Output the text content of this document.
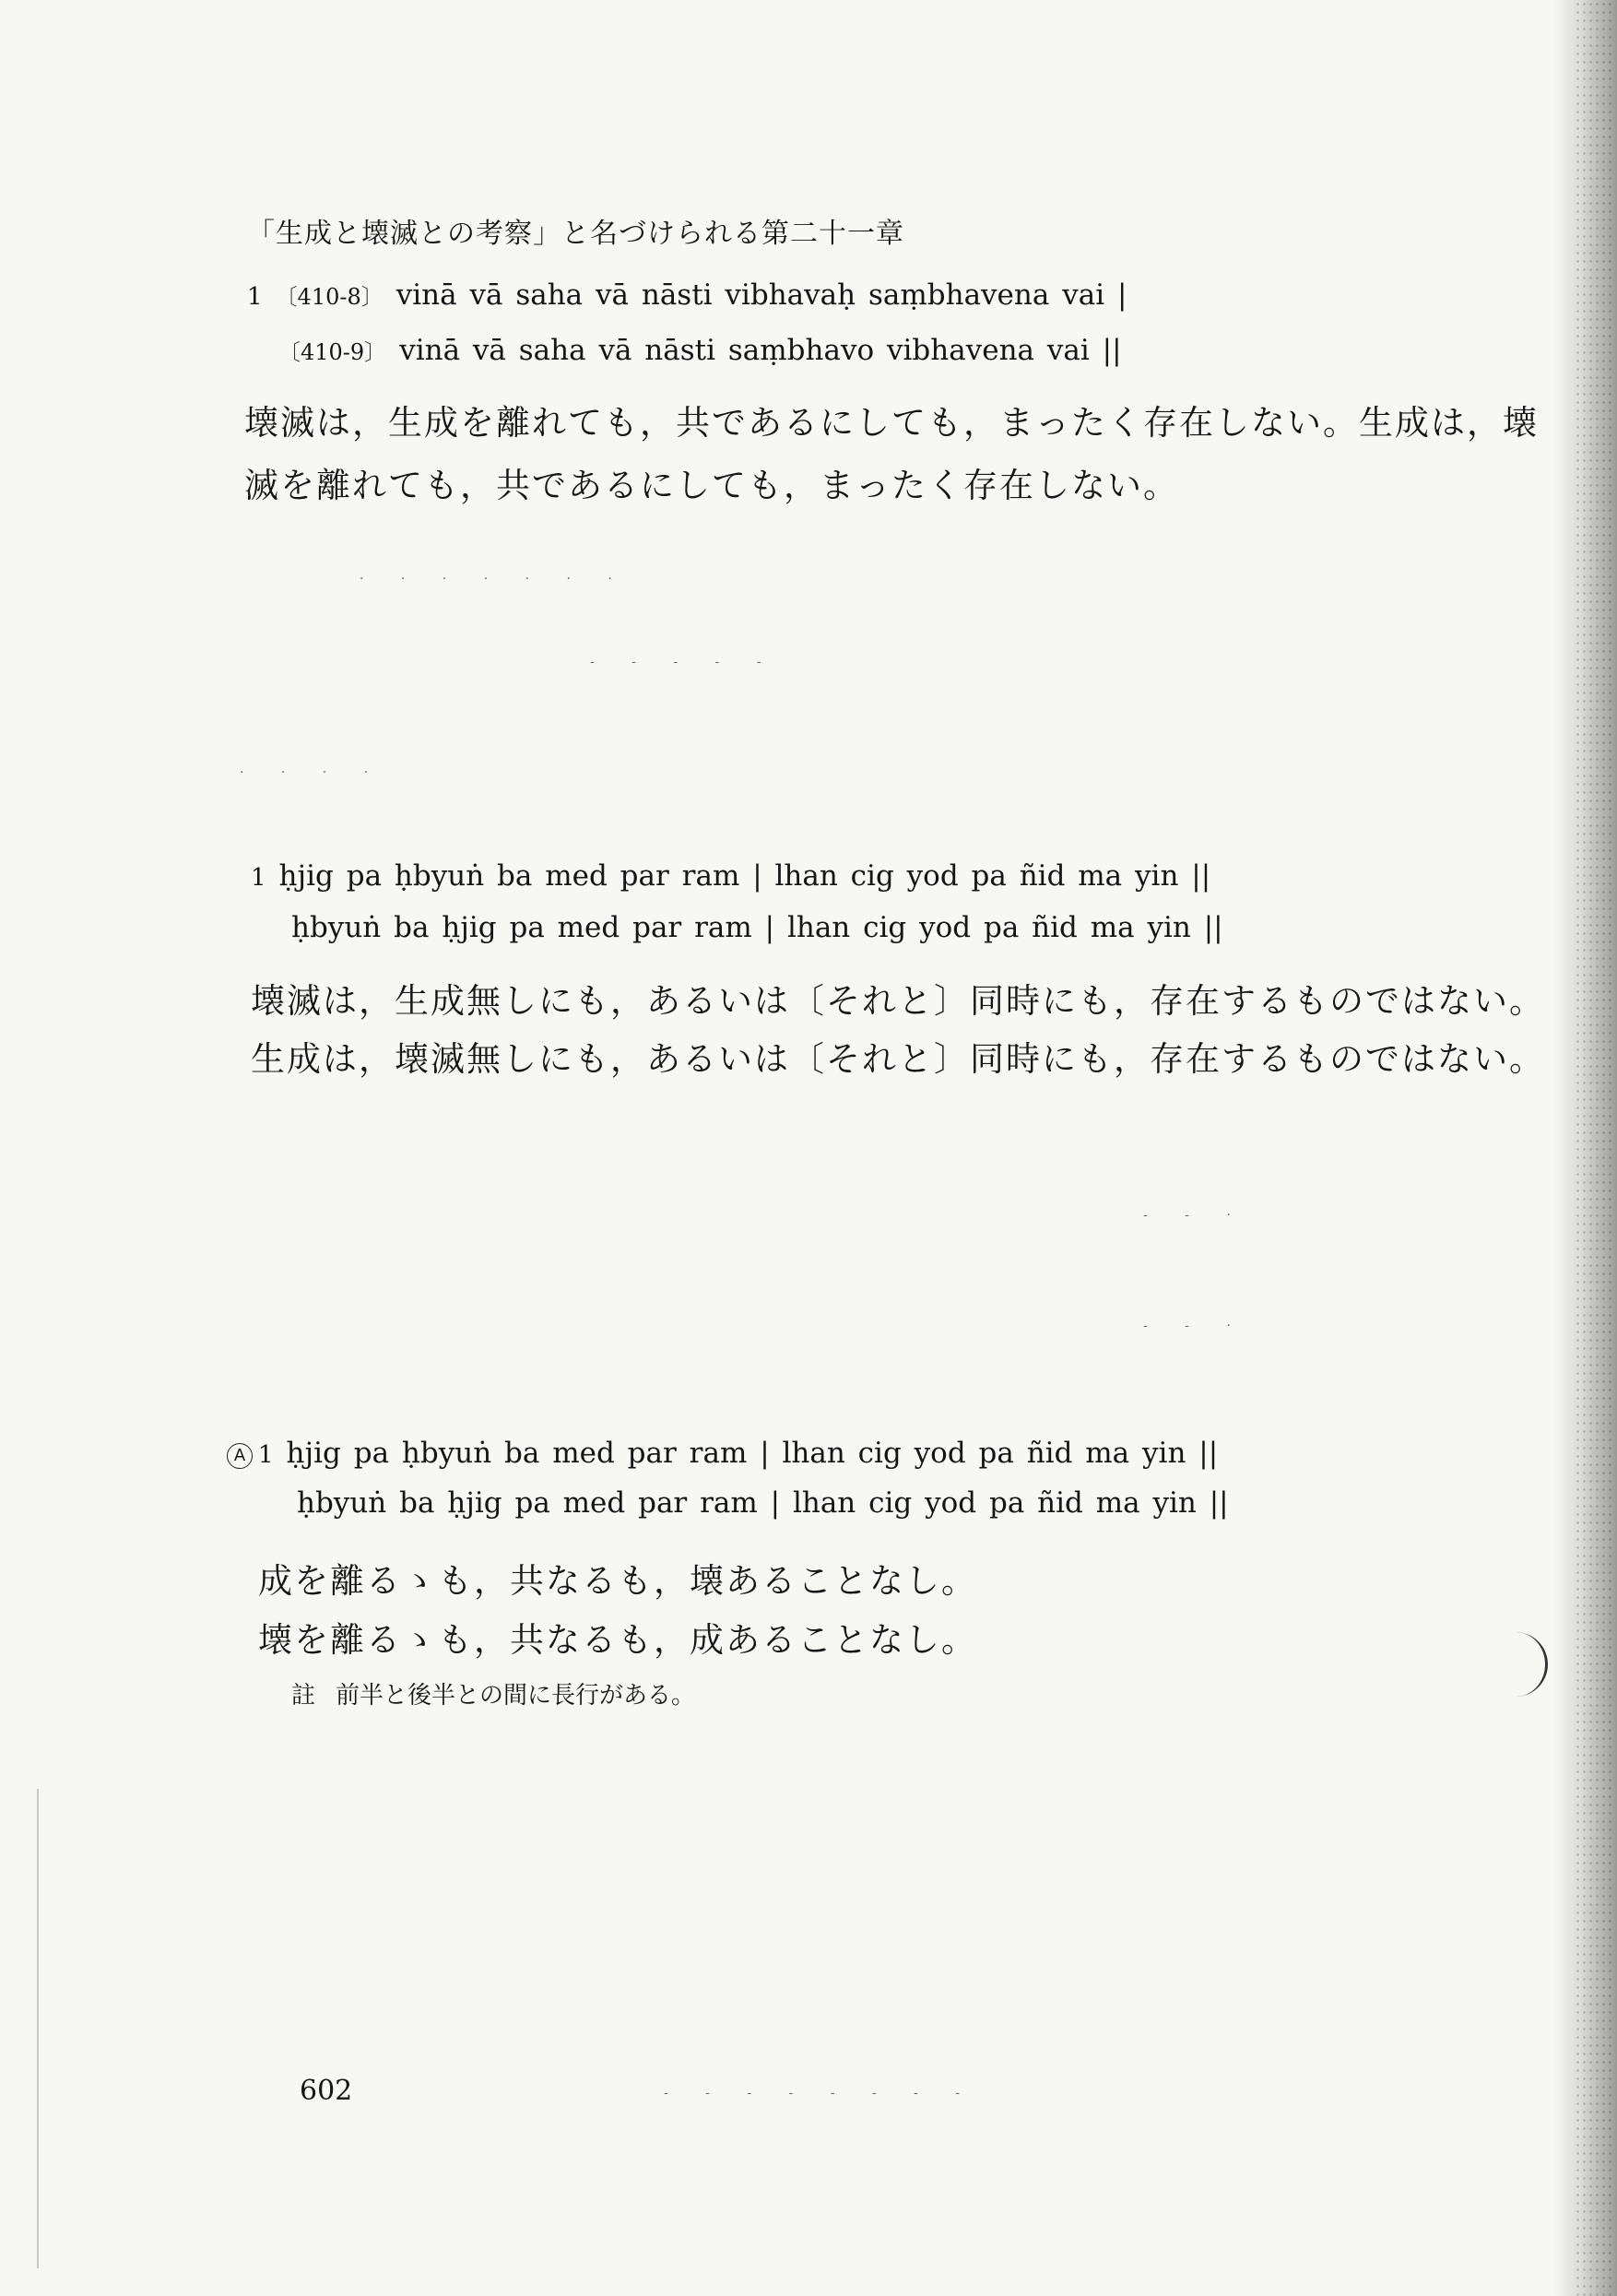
「生成と壊滅との考察」と名づけられる第二十一章
1 〔410-8〕 vinā vā saha vā nāsti vibhavaḥ saṃbhavena vai |
〔410-9〕 vinā vā saha vā nāsti saṃbhavo vibhavena vai ||
壊滅は，生成を離れても，共であるにしても，まったく存在しない。生成は，壊
滅を離れても，共であるにしても，まったく存在しない。
1 ḥjig pa ḥbyuṅ ba med par ram | lhan cig yod pa ñid ma yin ||
ḥbyuṅ ba ḥjig pa med par ram | lhan cig yod pa ñid ma yin ||
壊滅は，生成無しにも，あるいは〔それと〕同時にも，存在するものではない。
生成は，壊滅無しにも，あるいは〔それと〕同時にも，存在するものではない。
A 1 ḥjig pa ḥbyuṅ ba med par ram | lhan cig yod pa ñid ma yin ||
ḥbyuṅ ba ḥjig pa med par ram | lhan cig yod pa ñid ma yin ||
成を離るゝも，共なるも，壊あることなし。
壊を離るゝも，共なるも，成あることなし。
註 前半と後半との間に長行がある。
602
· · · · · · ·
- - - - -
· · · ·
- - ·
- - ·
- - - - - - - -
